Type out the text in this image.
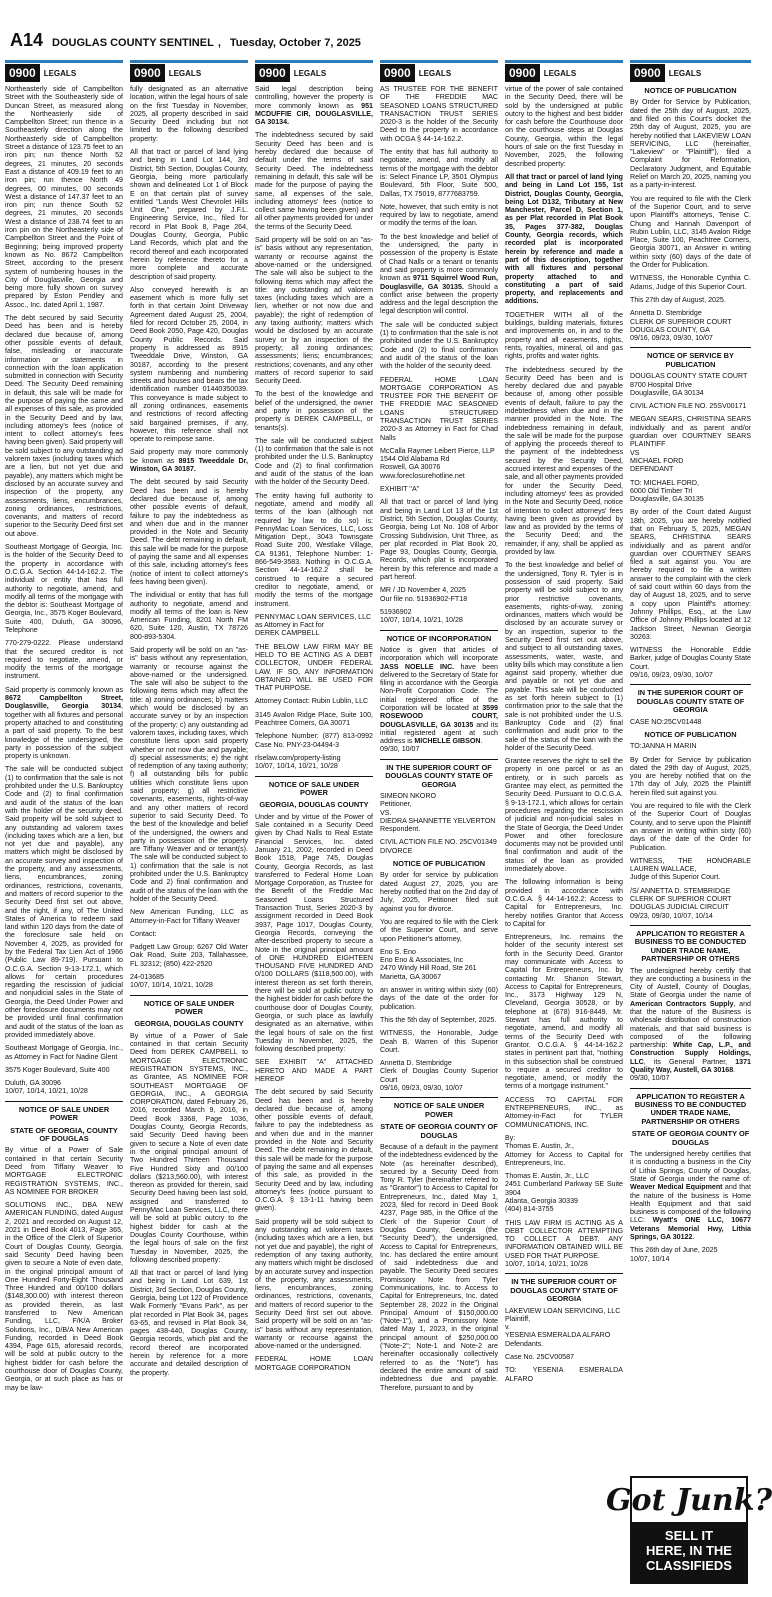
A14 DOUGLAS COUNTY SENTINEL , Tuesday, October 7, 2025
0900	LEGALS

Northeasterly side of Campbellton Street with the Southeasterly side of Duncan Street, as measured along the Northeasterly side of Campbellton Street; run thence in a Southeasterly direction along the Northeasterly side of Campbellton Street a distance of 123.75 feet to an iron pin; run thence North 52 degrees, 21 minutes, 20 seconds East a distance of 409.19 feet to an iron pin; run thence North 49 degrees, 00 minutes, 00 seconds West a distance of 147.37 feet to an iron pin; run thence South 52 degrees, 21 minutes, 20 seconds West a distance of 238.74 feet to an iron pin on the Northeasterly side of Campbellton Street and the Point of Beginning; being improved property known as No. 8672 Campbellton Street, according to the present system of numbering houses in the City of Douglasville, Georgia and being more fully shown on survey prepared by Eston Pendley and Assoc., Inc. dated April 1, 1987.

The debt secured by said Security Deed has been and is hereby declared due because of, among other possible events of default, false, misleading or inaccurate information or statements in connection with the loan application submitted in connection with Security Deed. The Security Deed remaining in default, this sale will be made for the purpose of paying the same and all expenses of this sale, as provided in the Security Deed and by law, including attorney's fees (notice of intent to collect attorney's fees having been given). Said property will be sold subject to any outstanding ad valorem taxes (including taxes which are a lien, but not yet due and payable), any matters which might be disclosed by an accurate survey and inspection of the property, any assessments, liens, encumbrances, zoning ordinances, restrictions, covenants, and matters of record superior to the Security Deed first set out above.

Southeast Mortgage of Georgia, Inc. is the holder of the Security Deed to the property in accordance with O.C.G.A. Section 44-14-162.2. The individual or entity that has full authority to negotiate, amend, and modify all terms of the mortgage with the debtor is: Southeast Mortgage of Georgia, Inc., 3575 Koger Boulevard, Suite 400, Duluth, GA 30096, Telephone

770-279-0222. Please understand that the secured creditor is not required to negotiate, amend, or modify the terms of the mortgage instrument.

Said property is commonly known as 8672 Campbellton Street, Douglasville, Georgia 30134, together with all fixtures and personal property attached to and constituting a part of said property. To the best knowledge of the undersigned, the party in possession of the subject property is unknown.

The sale will be conducted subject (1) to confirmation that the sale is not prohibited under the U.S. Bankruptcy Code and (2) to final confirmation and audit of the status of the loan with the holder of the security deed. Said property will be sold subject to any outstanding ad valorem taxes (including taxes which are a lien, but not yet due and payable), any matters which might be disclosed by an accurate survey and inspection of the property, and any assessments, liens, encumbrances, zoning ordinances, restrictions, covenants, and matters of record superior to the Security Deed first set out above, and the right, if any, of The United States of America to redeem said land within 120 days from the date of the foreclosure sale held on November 4, 2025, as provided for by the Federal Tax Lien Act of 1966 (Public Law 89-719). Pursuant to O.C.G.A. Section 9-13-172.1, which allows for certain procedures regarding the rescission of judicial and nonjudicial sales in the State of Georgia, the Deed Under Power and other foreclosure documents may not be provided until final confirmation and audit of the status of the loan as provided immediately above.

Southeast Mortgage of Georgia, Inc., as Attorney in Fact for Nadine Glent

3575 Koger Boulevard, Suite 400

Duluth, GA 30096
10/07, 10/14, 10/21, 10/28

NOTICE OF SALE UNDER POWER
STATE OF GEORGIA, COUNTY OF DOUGLAS

By virtue of a Power of Sale contained in that certain Security Deed from Tiffany Weaver to MORTGAGE ELECTRONIC REGISTRATION SYSTEMS, INC., AS NOMINEE FOR BROKER

SOLUTIONS INC., DBA NEW AMERICAN FUNDING, dated August 2, 2021 and recorded on August 12, 2021 in Deed Book 4013, Page 365, in the Office of the Clerk of Superior Court of Douglas County, Georgia, said Security Deed having been given to secure a Note of even date, in the original principal amount of One Hundred Forty-Eight Thousand Three Hundred and 00/100 dollars ($148,300.00) with interest thereon as provided therein, as last transferred to New American Funding, LLC, F/K/A Broker Solutions, Inc., D/B/A New American Funding, recorded in Deed Book 4394, Page 615, aforesaid records, will be sold at public outcry to the highest bidder for cash before the courthouse door of Douglas County, Georgia, or at such place as has or may be law-

0900	LEGALS

fully designated as an alternative location, within the legal hours of sale on the first Tuesday in November, 2025, all property described in said Security Deed including but not limited to the following described property:

All that tract or parcel of land lying and being in Land Lot 144, 3rd District, 5th Section, Douglas County, Georgia, being more particularly shown and delineated Lot 1 of Block E on that certain plat of survey entitled "Lands West Chevrolet Hills Unit One," prepared by J.F.L. Engineering Service, Inc., filed for record in Plat Book 8, Page 264, Douglas County, Georgia, Public Land Records, which plat and the record thereof and each incorporated herein by reference thereto for a more complete and accurate description of said property.

Also conveyed herewith is an easement which is more fully set forth in that certain Joint Driveway Agreement dated August 25, 2004, filed for record October 25, 2004, in Deed Book 2050, Page 420, Douglas County Public Records. Said property is addressed as 8915 Tweeddale Drive, Winston, GA 30187, according to the present system numbering and numbering streets and houses and bears the tax identification number 01440350039. This conveyance is made subject to all zoning ordinances, easements and restrictions of record affecting said bargained premises, if any, however, this reference shall not operate to reimpose same.

Said property may more commonly be known as 8915 Tweeddale Dr, Winston, GA 30187.

The debt secured by said Security Deed has been and is hereby declared due because of, among other possible events of default, failure to pay the indebtedness as and when due and in the manner provided in the Note and Security Deed. The debt remaining in default, this sale will be made for the purpose of paying the same and all expenses of this sale, including attorney's fees (notice of intent to collect attorney's fees having been given).

The individual or entity that has full authority to negotiate, amend and modify all terms of the loan is New American Funding, 8201 North FM 620, Suite 120, Austin, TX 78726 800-893-5304.

Said property will be sold on an "as-is" basis without any representation, warranty or recourse against the above-named or the undersigned. The sale will also be subject to the following items which may affect the title: a) zoning ordinances; b) matters which would be disclosed by an accurate survey or by an inspection of the property; c) any outstanding ad valorem taxes, including taxes, which constitute liens upon said property whether or not now due and payable; d) special assessments; e) the right of redemption of any taxing authority; f) all outstanding bills for public utilities which constitute liens upon said property; g) all restrictive covenants, easements, rights-of-way and any other matters of record superior to said Security Deed. To the best of the knowledge and belief of the undersigned, the owners and party in possession of the property are Tiffany Weaver and or tenant(s). The sale will be conducted subject to 1) confirmation that the sale is not prohibited under the U.S. Bankruptcy Code and 2) final confirmation and audit of the status of the loan with the holder of the Security Deed.

New American Funding, LLC as Attorney-in-Fact for Tiffany Weaver

Contact:

Padgett Law Group: 6267 Old Water Oak Road, Suite 203, Tallahassee, FL 32312; (850) 422-2520

24-013685
10/07, 10/14, 10/21, 10/28

NOTICE OF SALE UNDER POWER
GEORGIA, DOUGLAS COUNTY

By virtue of a Power of Sale contained in that certain Security Deed from DEREK CAMPBELL to MORTGAGE ELECTRONIC REGISTRATION SYSTEMS, INC., as Grantee, AS NOMINEE FOR SOUTHEAST MORTGAGE OF GEORGIA, INC., A GEORGIA CORPORATION, dated February 26, 2016, recorded March 9, 2016, in Deed Book 3368, Page 1036, Douglas County, Georgia Records, said Security Deed having been given to secure a Note of even date in the original principal amount of Two Hundred Thirteen Thousand Five Hundred Sixty and 00/100 dollars ($213,560.00), with interest thereon as provided for therein, said Security Deed having been last sold, assigned and transferred to PennyMac Loan Services, LLC, there will be sold at public outcry to the highest bidder for cash at the Douglas County Courthouse, within the legal hours of sale on the first Tuesday in November, 2025, the following described property:

All that tract or parcel of land lying and being in Land Lot 639, 1st District, 3rd Section, Douglas County, Georgia, being Lot 122 of Providence Walk Formerly "Evans Park", as per plat recorded in Plat Book 34, pages 63-65, and revised in Plat Book 34, pages 438-440, Douglas County, Georgia records, which plat and the record thereof are incorporated herein by reference for a more accurate and detailed description of the property.

0900	LEGALS

Said legal description being controlling, however the property is more commonly known as 951 MCDUFFIE CIR, DOUGLASVILLE, GA 30134.

The indebtedness secured by said Security Deed has been and is hereby declared due because of default under the terms of said Security Deed. The indebtedness remaining in default, this sale will be made for the purpose of paying the same, all expenses of the sale, including attorneys' fees (notice to collect same having been given) and all other payments provided for under the terms of the Security Deed.

Said property will be sold on an "as-is" basis without any representation, warranty or recourse against the above-named or the undersigned. The sale will also be subject to the following items which may affect the title: any outstanding ad valorem taxes (including taxes which are a lien, whether or not now due and payable); the right of redemption of any taxing authority; matters which would be disclosed by an accurate survey or by an inspection of the property; all zoning ordinances; assessments; liens; encumbrances; restrictions; covenants, and any other matters of record superior to said Security Deed.

To the best of the knowledge and belief of the undersigned, the owner and party in possession of the property is DEREK CAMPBELL, or tenants(s).

The sale will be conducted subject (1) to confirmation that the sale is not prohibited under the U.S. Bankruptcy Code and (2) to final confirmation and audit of the status of the loan with the holder of the Security Deed.

The entity having full authority to negotiate, amend and modify all terms of the loan (although not required by law to do so) is: PennyMac Loan Services, LLC, Loss Mitigation Dept., 3043 Townsgate Road Suite 200, Westlake Village, CA 91361, Telephone Number: 1-866-549-3583. Nothing in O.C.G.A. Section 44-14-162.2 shall be construed to require a secured creditor to negotiate, amend, or modify the terms of the mortgage instrument.

PENNYMAC LOAN SERVICES, LLC
as Attorney in Fact for
DEREK CAMPBELL

THE BELOW LAW FIRM MAY BE HELD TO BE ACTING AS A DEBT COLLECTOR, UNDER FEDERAL LAW. IF SO, ANY INFORMATION OBTAINED WILL BE USED FOR THAT PURPOSE.

Attorney Contact: Rubin Lublin, LLC

3145 Avalon Ridge Place, Suite 100, Peachtree Corners, GA 30071

Telephone Number: (877) 813-0992 Case No. PNY-23-04494-3

rlselaw.com/property-listing
10/07, 10/14, 10/21, 10/28

NOTICE OF SALE UNDER POWER
GEORGIA, DOUGLAS COUNTY

Under and by virtue of the Power of Sale contained in a Security Deed given by Chad Nalls to Real Estate Financial Services, Inc. dated January 21, 2002, recorded in Deed Book 1518, Page 745, Douglas County, Georgia Records, as last transferred to Federal Home Loan Mortgage Corporation, as Trustee for the Benefit of the Freddie Mac Seasoned Loans Structured Transaction Trust, Series 2020-3 by assignment recorded in Deed Book 3937, Page 1017, Douglas County, Georgia Records, conveying the after-described property to secure a Note in the original principal amount of ONE HUNDRED EIGHTEEN THOUSAND FIVE HUNDRED AND 0/100 DOLLARS ($118,500.00), with interest thereon as set forth therein, there will be sold at public outcry to the highest bidder for cash before the courthouse door of Douglas County, Georgia, or such place as lawfully designated as an alternative, within the legal hours of sale on the first Tuesday in November, 2025, the following described property:

SEE EXHIBIT "A" ATTACHED HERETO AND MADE A PART HEREOF

The debt secured by said Security Deed has been and is hereby declared due because of, among other possible events of default, failure to pay the indebtedness as and when due and in the manner provided in the Note and Security Deed. The debt remaining in default, this sale will be made for the purpose of paying the same and all expenses of this sale, as provided in the Security Deed and by law, including attorney's fees (notice pursuant to O.C.G.A. § 13-1-11 having been given).

Said property will be sold subject to any outstanding ad valorem taxes (including taxes which are a lien, but not yet due and payable), the right of redemption of any taxing authority, any matters which might be disclosed by an accurate survey and inspection of the property, any assessments, liens, encumbrances, zoning ordinances, restrictions, covenants, and matters of record superior to the Security Deed first set out above. Said property will be sold on an "as-is" basis without any representation, warranty or recourse against the above-named or the undersigned.

FEDERAL HOME LOAN MORTGAGE CORPORATION

0900	LEGALS

AS TRUSTEE FOR THE BENEFIT OF THE FREDDIE MAC SEASONED LOANS STRUCTURED TRANSACTION TRUST SERIES 2020-3 is the holder of the Security Deed to the property in accordance with OCGA § 44-14-162.2.

The entity that has full authority to negotiate, amend, and modify all terms of the mortgage with the debtor is: Select Finance LP, 3501 Olympus Boulevard, 5th Floor, Suite 500, Dallas, TX 75019, 8777683759.

Note, however, that such entity is not required by law to negotiate, amend or modify the terms of the loan.

To the best knowledge and belief of the undersigned, the party in possession of the property is Estate of Chad Nalls or a tenant or tenants and said property is more commonly known as 9711 Squirrel Wood Run, Douglasville, GA 30135. Should a conflict arise between the property address and the legal description the legal description will control.

The sale will be conducted subject (1) to confirmation that the sale is not prohibited under the U.S. Bankruptcy Code and (2) to final confirmation and audit of the status of the loan with the holder of the security deed.

FEDERAL HOME LOAN MORTGAGE CORPORATION AS TRUSTEE FOR THE BENEFIT OF THE FREDDIE MAC SEASONED LOANS STRUCTURED TRANSACTION TRUST SERIES 2020-3 as Attorney in Fact for Chad Nalls

McCalla Raymer Leibert Pierce, LLP
1544 Old Alabama Rd
Roswell, GA 30076
www.foreclosurehotline.net

EXHIBIT "A"

All that tract or parcel of land lying and being in Land Lot 13 of the 1st District, 5th Section, Douglas County, Georgia, being Lot No. 108 of Arbor Crossing Subdivision, Unit Three, as per plat recorded in Plat Book 20, Page 93, Douglas County, Georgia, Records, which plat is incorporated herein by this reference and made a part hereof.

MR / JD November 4, 2025
Our file no. 51936902-FT18

51936902
10/07, 10/14, 10/21, 10/28

NOTICE OF INCORPORATION

Notice is given that articles of incorporation which will incorporate JASS NOELLE INC. have been delivered to the Secretary of State for filing in accordance with the Georgia Non-Profit Corporation Code. The initial registered office of the Corporation will be located at 3599 ROSEWOOD COURT, DOUGLASVILLE, GA 30135 and its initial registered agent at such address is MICHELLE GIBSON.
09/30, 10/07

IN THE SUPERIOR COURT OF DOUGLAS COUNTY STATE OF GEORGIA

SIMEON NKORO
Petitioner,
VS.
DIEDRA SHANNETTE YELVERTON
Respondent.

CIVIL ACTION FILE NO. 25CV01349
DIVORCE

NOTICE OF PUBLICATION

By order for service by publication dated August 27, 2025, you are hereby notified that on the 2nd day of July, 2025, Petitioner filed suit against you for divorce.

You are required to file with the Clerk of the Superior Court, and serve upon Petitioner's attorney,

Eno S. Eno
Eno Eno & Associates, Inc
2470 Windy Hill Road, Ste 261
Marietta, GA 30067

an answer in writing within sixty (60) days of the date of the order for publication.

This the 5th day of September, 2025.

WITNESS, the Honorable, Judge Deah B. Warren of this Superior Court.

Annetta D. Stembridge
Clerk of Douglas County Superior Court
09/16, 09/23, 09/30, 10/07

NOTICE OF SALE UNDER POWER
STATE OF GEORGIA COUNTY OF DOUGLAS

Because of a default in the payment of the indebtedness evidenced by the Note (as hereinafter described), secured by a Security Deed from Tony R. Tyler (hereinafter referred to as "Grantor") to Access to Capital for Entrepreneurs, Inc., dated May 1, 2023, filed for record in Deed Book 4237, Page 985, in the Office of the Clerk of the Superior Court of Douglas County, Georgia (the "Security Deed"), the undersigned, Access to Capital for Entrepreneurs, Inc. has declared the entire amount of said indebtedness due and payable. The Security Deed secures Promissory Note from Tyler Communications, Inc. to Access to Capital for Entrepreneurs, Inc. dated September 28, 2022 in the Original Principal Amount of $150,000.00 ("Note-1"), and a Promissory Note dated May 1, 2023, in the original principal amount of $250,000.00 ("Note-2"; Note-1 and Note-2 are hereinafter occasionally collectively referred to as the "Note") has declared the entire amount of said indebtedness due and payable. Therefore, pursuant to and by

0900	LEGALS

virtue of the power of sale contained in the Security Deed, there will be sold by the undersigned at public outcry to the highest and best bidder for cash before the Courthouse door on the courthouse steps at Douglas County, Georgia, within the legal hours of sale on the first Tuesday in November, 2025, the following described property:

All that tract or parcel of land lying and being in Land Lot 155, 1st District, Douglas County, Georgia, being Lot D132, Tributary at New Manchester, Parcel D, Section 1, as per Plat recorded in Plat Book 35, Pages 377-382, Douglas County, Georgia records, which recorded plat is incorporated herein by reference and made a part of this description, together with all fixtures and personal property attached to and constituting a part of said property, and replacements and additions.

TOGETHER WITH all of the buildings, building materials, fixtures and improvements on, in and to the property and all easements, rights, rents, royalties, mineral, oil and gas rights, profits and water rights.

The indebtedness secured by the Security Deed has been and is hereby declared due and payable because of, among other possible events of default, failure to pay the indebtedness when due and in the manner provided in the Note. The indebtedness remaining in default, the sale will be made for the purpose of applying the proceeds thereof to the payment of the indebtedness secured by the Security Deed, accrued interest and expenses of the sale, and all other payments provided for under the Security Deed, including attorneys' fees as provided in the Note and Security Deed, notice of intention to collect attorneys' fees having been given as provided by law and as provided by the terms of the Security Deed; and the remainder, if any, shall be applied as provided by law.

To the best knowledge and belief of the undersigned, Tony R. Tyler is in possession of said property. Said property will be sold subject to any prior restrictive covenants, easements, rights-of-way, zoning ordinances, matters which would be disclosed by an accurate survey or by an inspection, superior to the Security Deed first set out above, and subject to all outstanding taxes, assessments, water, waste, and utility bills which may constitute a lien against said property, whether due and payable or not yet due and payable. This sale will be conducted as set forth herein subject to (1) confirmation prior to the sale that the sale is not prohibited under the U.S. Bankruptcy Code and (2) final confirmation and audit prior to the sale of the status of the loan with the holder of the Security Deed.

Grantee reserves the right to sell the property in one parcel or as an entirety, or in such parcels as Grantee may elect, as permitted the Security Deed. Pursuant to O.C.G.A. § 9-13-172.1, which allows for certain procedures regarding the rescission of judicial and non-judicial sales in the State of Georgia, the Deed Under Power and other foreclosure documents may not be provided until final confirmation and audit of the status of the loan as provided immediately above.

The following information is being provided in accordance with O.C.G.A. § 44-14-162.2: Access to Capital for Entrepreneurs, Inc. hereby notifies Grantor that Access to Capital for

Entrepreneurs, Inc. remains the holder of the security interest set forth in the Security Deed. Grantor may communicate with Access to Capital for Entrepreneurs, Inc. by contacting Mr. Shanon Stewart, Access to Capital for Entrepreneurs, Inc., 3173 Highway 129 N, Cleveland, Georgia 30528, or by telephone at (678) 916-8449. Mr. Stewart has full authority to negotiate, amend, and modify all terms of the Security Deed with Grantor. O.C.G.A. § 44-14-162.2 states in pertinent part that, "nothing in this subsection shall be construed to require a secured creditor to negotiate, amend, or modify the terms of a mortgage instrument."

ACCESS TO CAPITAL FOR ENTREPRENEURS, INC., as Attorney-in-Fact for TYLER COMMUNICATIONS, INC.

By:
Thomas E. Austin, Jr.,
Attorney for Access to Capital for Entrepreneurs, Inc.

Thomas E. Austin, Jr., LLC
2451 Cumberland Parkway SE Suite 3904
Atlanta, Georgia 30339
(404) 814-3755

THIS LAW FIRM IS ACTING AS A DEBT COLLECTOR ATTEMPTING TO COLLECT A DEBT. ANY INFORMATION OBTAINED WILL BE USED FOR THAT PURPOSE.
10/07, 10/14, 10/21, 10/28

IN THE SUPERIOR COURT OF DOUGLAS COUNTY STATE OF GEORGIA

LAKEVIEW LOAN SERVICING, LLC
Plaintiff,
v.
YESENIA ESMERALDA ALFARO
Defendants.

Case No. 25CV00587

TO: YESENIA ESMERALDA ALFARO

0900	LEGALS
NOTICE OF PUBLICATION

By Order for Service by Publication, dated the 25th day of August, 2025, and filed on this Court's docket the 25th day of August, 2025, you are hereby notified that LAKEVIEW LOAN SERVICING, LLC (hereinafter, "Lakeview" or "Plaintiff"), filed a Complaint for Reformation, Declaratory Judgment, and Equitable Relief on March 20, 2025, naming you as a party-in-interest.

You are required to file with the Clerk of the Superior Court, and to serve upon Plaintiff's attorneys, Tenise C. Chung and Hannah Davenport of Rubin Lublin, LLC, 3145 Avalon Ridge Place, Suite 100, Peachtree Corners, Georgia 30071, an Answer in writing within sixty (60) days of the date of the Order for Publication.

WITNESS, the Honorable Cynthia C. Adams, Judge of this Superior Court.

This 27th day of August, 2025.

Annetta D. Stembridge
CLERK OF SUPERIOR COURT
DOUGLAS COUNTY, GA
09/16, 09/23, 09/30, 10/07

NOTICE OF SERVICE BY PUBLICATION

DOUGLAS COUNTY STATE COURT
8700 Hospital Drive
Douglasville, GA 30134

CIVIL ACTION FILE NO. 25SV00171

MEGAN SEARS, CHRISTINA SEARS individually and as parent and/or guardian over COURTNEY SEARS PLAINTIFF
VS
MICHAEL FORD
DEFENDANT

TO: MICHAEL FORD,
6000 Old Timber Trl
Douglasville, GA 30135

By order of the Court dated August 18th, 2025, you are hereby notified that on February 5, 2025, MEGAN SEARS, CHRISTINA SEARS individually and as parent and/or guardian over COURTNEY SEARS filed a suit against you. You are hereby required to file a written answer to the complaint with the clerk of said court within 60 days from the day of August 18, 2025, and to serve a copy upon Plaintiff's attorney: Johnny Phillips, Esq., at the Law Office of Johnny Phillips located at 12 Jackson Street, Newnan Georgia 30263.

WITNESS the Honorable Eddie Barker, judge of Douglas County State Court.
09/16, 09/23, 09/30, 10/07

IN THE SUPERIOR COURT OF DOUGLAS COUNTY STATE OF GEORGIA

CASE NO:25CV01448

NOTICE OF PUBLICATION

TO:JANNA H MARIN

By Order for Service by publication dated the 29th day of August, 2025, you are hereby notified that on the 17th day of July, 2025 the Plaintiff herein filed suit against you.

You are required to file with the Clerk of the Superior Court of Douglas County, and to serve upon the Plaintiff an answer in writing within sixty (60) days of the date of the Order for Publication.

WITNESS, THE HONORABLE LAUREN WALLACE,
Judge of this Superior Court.

/S/ ANNETTA D. STEMBRIDGE
CLERK OF SUPERIOR COURT
DOUGLAS JUDICIAL CIRCUIT
09/23, 09/30, 10/07, 10/14

APPLICATION TO REGISTER A BUSINESS TO BE CONDUCTED UNDER TRADE NAME, PARTNERSHIP OR OTHERS

The undersigned hereby certify that they are conducting a business in the City of Austell, County of Douglas, State of Georgia under the name of American Contractors Supply, and that the nature of the Business is wholesale distribution of construction materials, and that said business is composed of the following partnership: White Cap, L.P., and Construction Supply Holdings, LLC, its General Partner, 1371 Quality Way, Austell, GA 30168.
09/30, 10/07

APPLICATION TO REGISTER A BUSINESS TO BE CONDUCTED UNDER TRADE NAME, PARTNERSHIP OR OTHERS
STATE OF GEORGIA COUNTY OF DOUGLAS

The undersigned hereby certifies that it is conducting a business in the City of Lithia Springs, County of Douglas, State of Georgia under the name of: Weaver Medical Equipment and that the nature of the business is Home Health Equipment and that said business is composed of the following LLC: Wyatt's ONE LLC, 10677 Veterans Memorial Hwy, Lithia Springs, GA 30122.

This 26th day of June, 2025
10/07, 10/14

Got
Junk?
SELL IT
HERE, IN THE
CLASSIFIEDS
